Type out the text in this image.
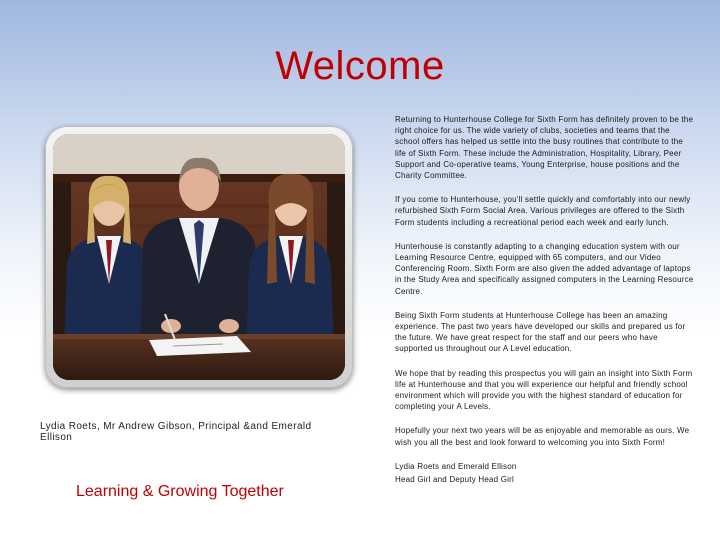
Welcome
Lydia Roets, Mr Andrew Gibson, Principal &and Emerald Ellison
Learning & Growing Together

Returning to Hunterhouse College for Sixth Form has definitely proven to be the right choice for us. The wide variety of clubs, societies and teams that the school offers has helped us settle into the busy routines that contribute to the life of Sixth Form. These include the Administration, Hospitality, Library, Peer Support and Co-operative teams, Young Enterprise, house positions and the Charity Committee.

If you come to Hunterhouse, you'll settle quickly and comfortably into our newly refurbished Sixth Form Social Area. Various privileges are offered to the Sixth Form students including a recreational period each week and early lunch.

Hunterhouse is constantly adapting to a changing education system with our Learning Resource Centre, equipped with 65 computers, and our Video Conferencing Room. Sixth Form are also given the added advantage of laptops in the Study Area and specifically assigned computers in the Learning Resource Centre.

Being Sixth Form students at Hunterhouse College has been an amazing experience. The past two years have developed our skills and prepared us for the future. We have great respect for the staff and our peers who have supported us throughout our A Level education.

We hope that by reading this prospectus you will gain an insight into Sixth Form life at Hunterhouse and that you will experience our helpful and friendly school environment which will provide you with the highest standard of education for completing your A Levels.

Hopefully your next two years will be as enjoyable and memorable as ours. We wish you all the best and look forward to welcoming you into Sixth Form!

Lydia Roets and Emerald Ellison

Head Girl and Deputy Head Girl
